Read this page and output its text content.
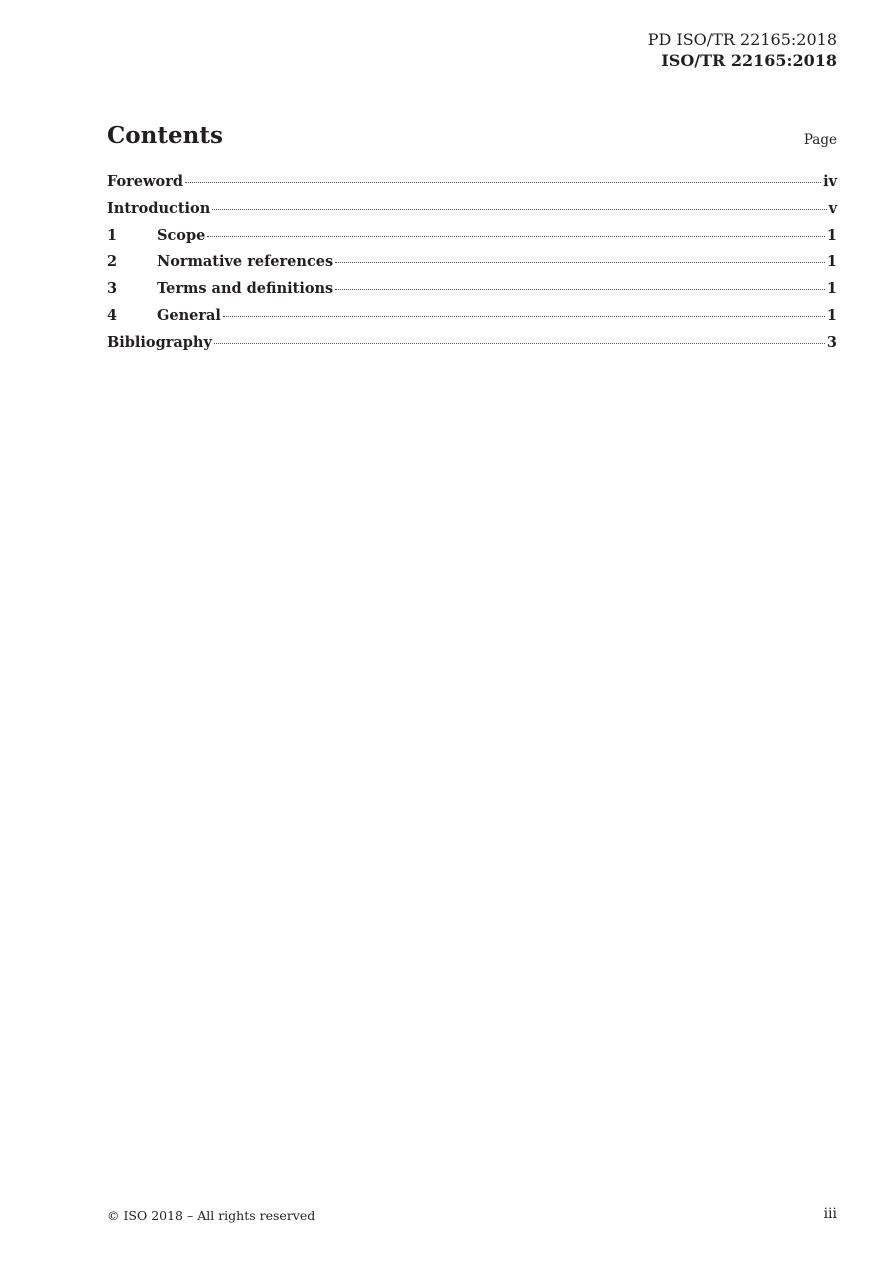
PD ISO/TR 22165:2018
ISO/TR 22165:2018
Contents	Page
Foreword	iv
Introduction	v
1	Scope	1
2	Normative references	1
3	Terms and definitions	1
4	General	1
Bibliography	3
© ISO 2018 – All rights reserved	iii
